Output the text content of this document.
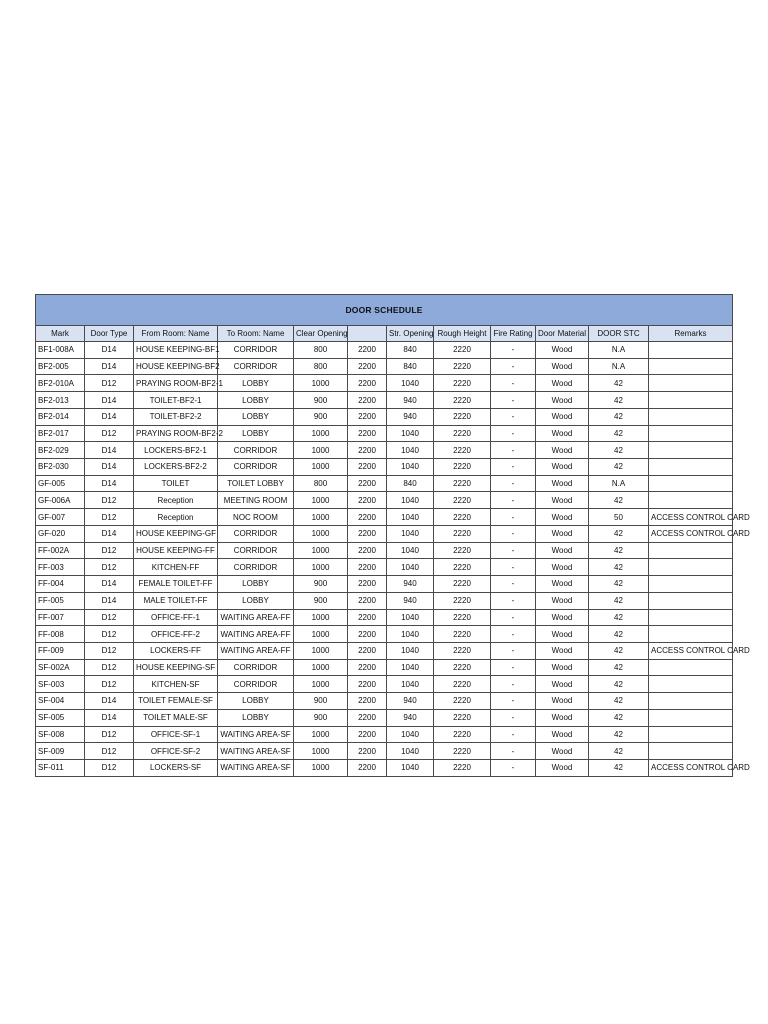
DOOR SCHEDULE											
Mark	Door Type	From Room: Name	To Room: Name	Clear Opening		Str. Opening	Rough Height	Fire Rating	Door Material	DOOR STC	Remarks
BF1-008A	D14	HOUSE KEEPING-BF1	CORRIDOR	800	2200	840	2220	-	Wood	N.A	
BF2-005	D14	HOUSE KEEPING-BF2	CORRIDOR	800	2200	840	2220	-	Wood	N.A	
BF2-010A	D12	PRAYING ROOM-BF2-1	LOBBY	1000	2200	1040	2220	-	Wood	42	
BF2-013	D14	TOILET-BF2-1	LOBBY	900	2200	940	2220	-	Wood	42	
BF2-014	D14	TOILET-BF2-2	LOBBY	900	2200	940	2220	-	Wood	42	
BF2-017	D12	PRAYING ROOM-BF2-2	LOBBY	1000	2200	1040	2220	-	Wood	42	
BF2-029	D14	LOCKERS-BF2-1	CORRIDOR	1000	2200	1040	2220	-	Wood	42	
BF2-030	D14	LOCKERS-BF2-2	CORRIDOR	1000	2200	1040	2220	-	Wood	42	
GF-005	D14	TOILET	TOILET LOBBY	800	2200	840	2220	-	Wood	N.A	
GF-006A	D12	Reception	MEETING ROOM	1000	2200	1040	2220	-	Wood	42	
GF-007	D12	Reception	NOC ROOM	1000	2200	1040	2220	-	Wood	50	ACCESS CONTROL CARD
GF-020	D14	HOUSE KEEPING-GF	CORRIDOR	1000	2200	1040	2220	-	Wood	42	ACCESS CONTROL CARD
FF-002A	D12	HOUSE KEEPING-FF	CORRIDOR	1000	2200	1040	2220	-	Wood	42	
FF-003	D12	KITCHEN-FF	CORRIDOR	1000	2200	1040	2220	-	Wood	42	
FF-004	D14	FEMALE TOILET-FF	LOBBY	900	2200	940	2220	-	Wood	42	
FF-005	D14	MALE TOILET-FF	LOBBY	900	2200	940	2220	-	Wood	42	
FF-007	D12	OFFICE-FF-1	WAITING AREA-FF	1000	2200	1040	2220	-	Wood	42	
FF-008	D12	OFFICE-FF-2	WAITING AREA-FF	1000	2200	1040	2220	-	Wood	42	
FF-009	D12	LOCKERS-FF	WAITING AREA-FF	1000	2200	1040	2220	-	Wood	42	ACCESS CONTROL CARD
SF-002A	D12	HOUSE KEEPING-SF	CORRIDOR	1000	2200	1040	2220	-	Wood	42	
SF-003	D12	KITCHEN-SF	CORRIDOR	1000	2200	1040	2220	-	Wood	42	
SF-004	D14	TOILET FEMALE-SF	LOBBY	900	2200	940	2220	-	Wood	42	
SF-005	D14	TOILET MALE-SF	LOBBY	900	2200	940	2220	-	Wood	42	
SF-008	D12	OFFICE-SF-1	WAITING AREA-SF	1000	2200	1040	2220	-	Wood	42	
SF-009	D12	OFFICE-SF-2	WAITING AREA-SF	1000	2200	1040	2220	-	Wood	42	
SF-011	D12	LOCKERS-SF	WAITING AREA-SF	1000	2200	1040	2220	-	Wood	42	ACCESS CONTROL CARD
